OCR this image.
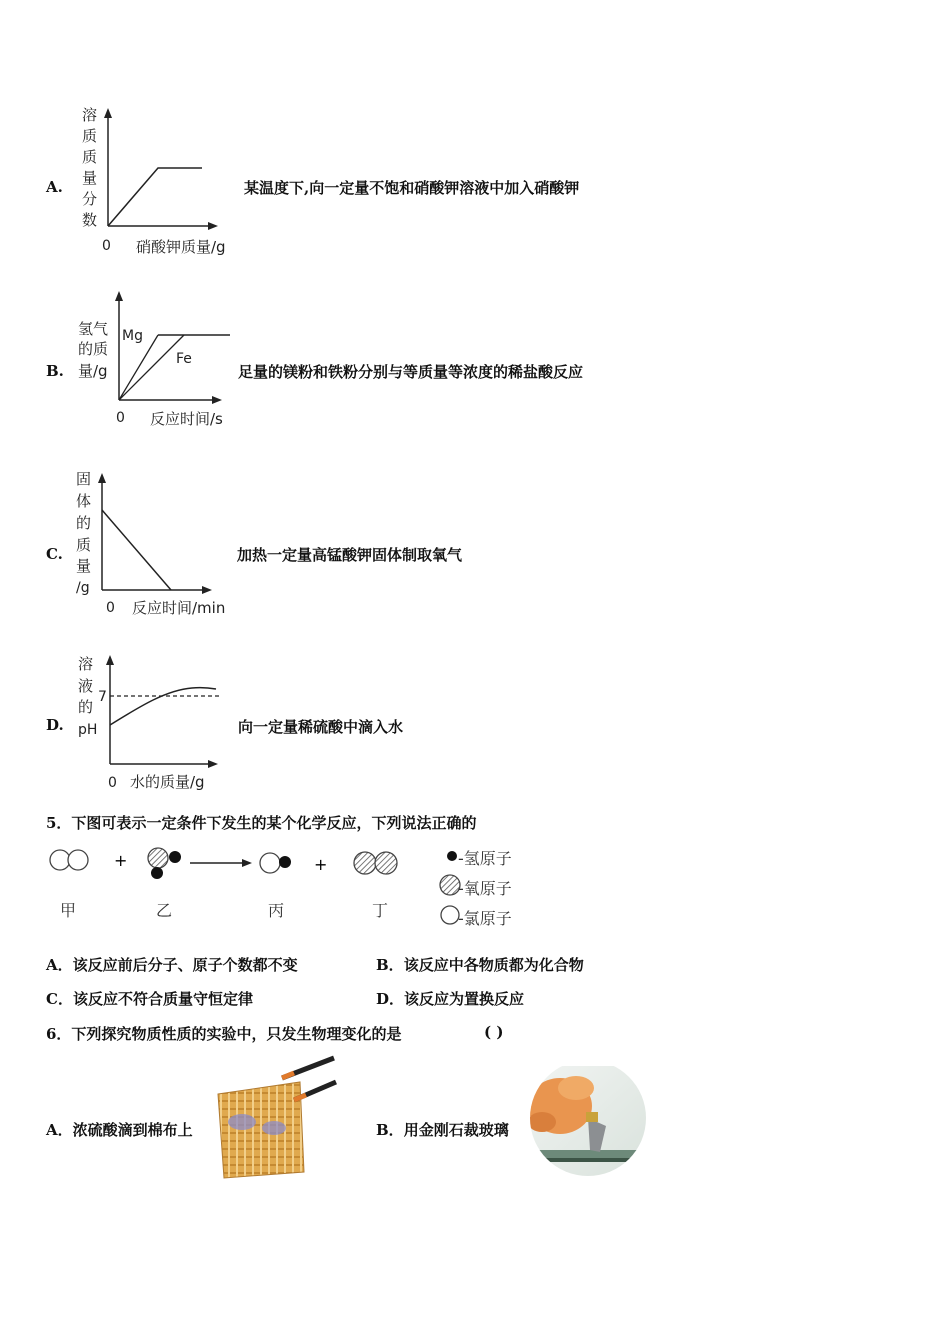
A.
溶
质
质
量
分
数
0 硝酸钾质量/g
某温度下,向一定量不饱和硝酸钾溶液中加入硝酸钾
B.
氢气
的质
量/g
Mg
Fe
0 反应时间/s
足量的镁粉和铁粉分别与等质量等浓度的稀盐酸反应
C.
固
体
的
质
量
/g
0 反应时间/min
加热一定量高锰酸钾固体制取氧气
D.
溶
液
的
pH
7
0 水的质量/g
向一定量稀硫酸中滴入水
5．下图可表示一定条件下发生的某个化学反应，下列说法正确的
+	+	-氢原子
-氧原子
-氯原子
甲	乙	丙	丁
A．该反应前后分子、原子个数都不变	B．该反应中各物质都为化合物
C．该反应不符合质量守恒定律	D．该反应为置换反应
6．下列探究物质性质的实验中，只发生物理变化的是	( )
A．浓硫酸滴到棉布上	B．用金刚石裁玻璃
